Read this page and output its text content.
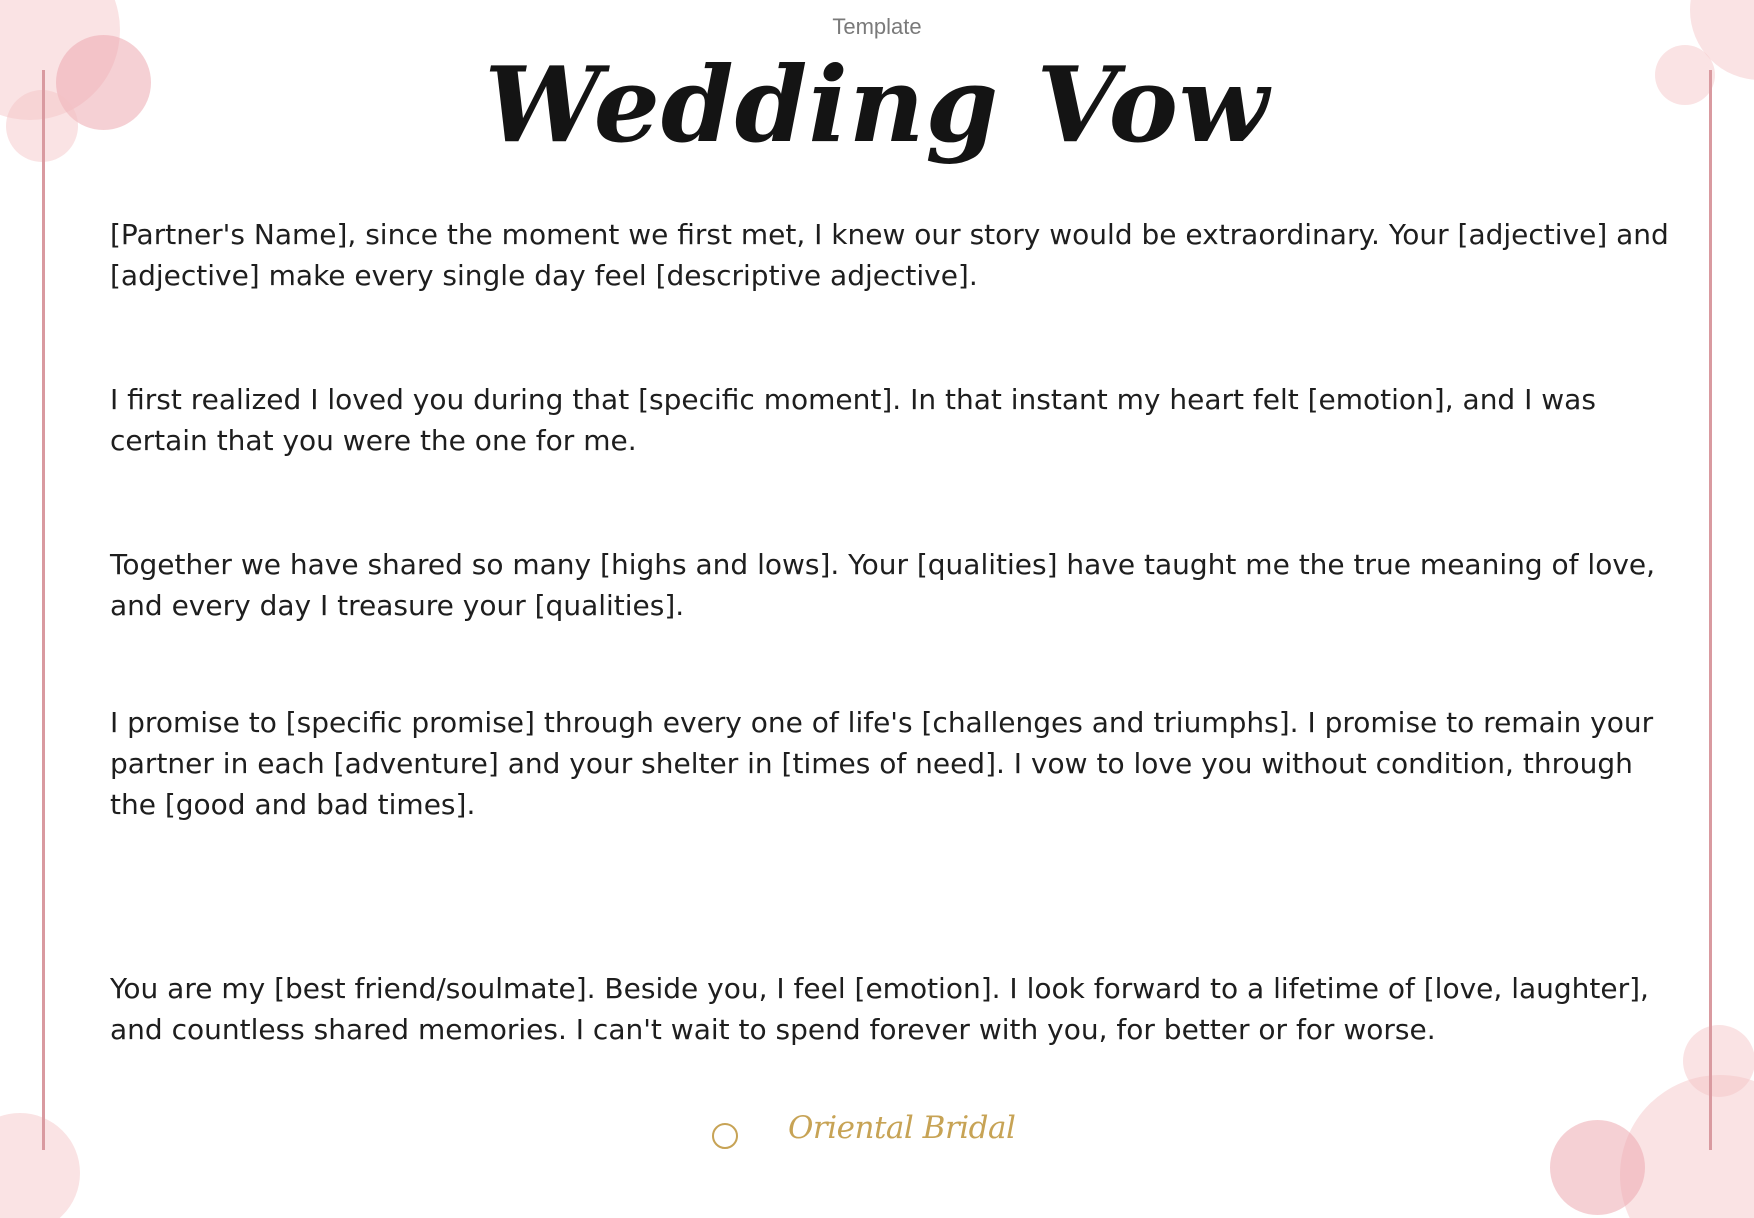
Template
Wedding Vow

[Partner's Name], since the moment we first met, I knew our story would be extraordinary. Your [adjective] and [adjective] make every single day feel [descriptive adjective].

I first realized I loved you during that [specific moment]. In that instant my heart felt [emotion], and I was certain that you were the one for me.

Together we have shared so many [highs and lows]. Your [qualities] have taught me the true meaning of love, and every day I treasure your [qualities].

I promise to [specific promise] through every one of life's [challenges and triumphs]. I promise to remain your partner in each [adventure] and your shelter in [times of need]. I vow to love you without condition, through the [good and bad times].

You are my [best friend/soulmate]. Beside you, I feel [emotion]. I look forward to a lifetime of [love, laughter], and countless shared memories. I can't wait to spend forever with you, for better or for worse.

Oriental Bridal
